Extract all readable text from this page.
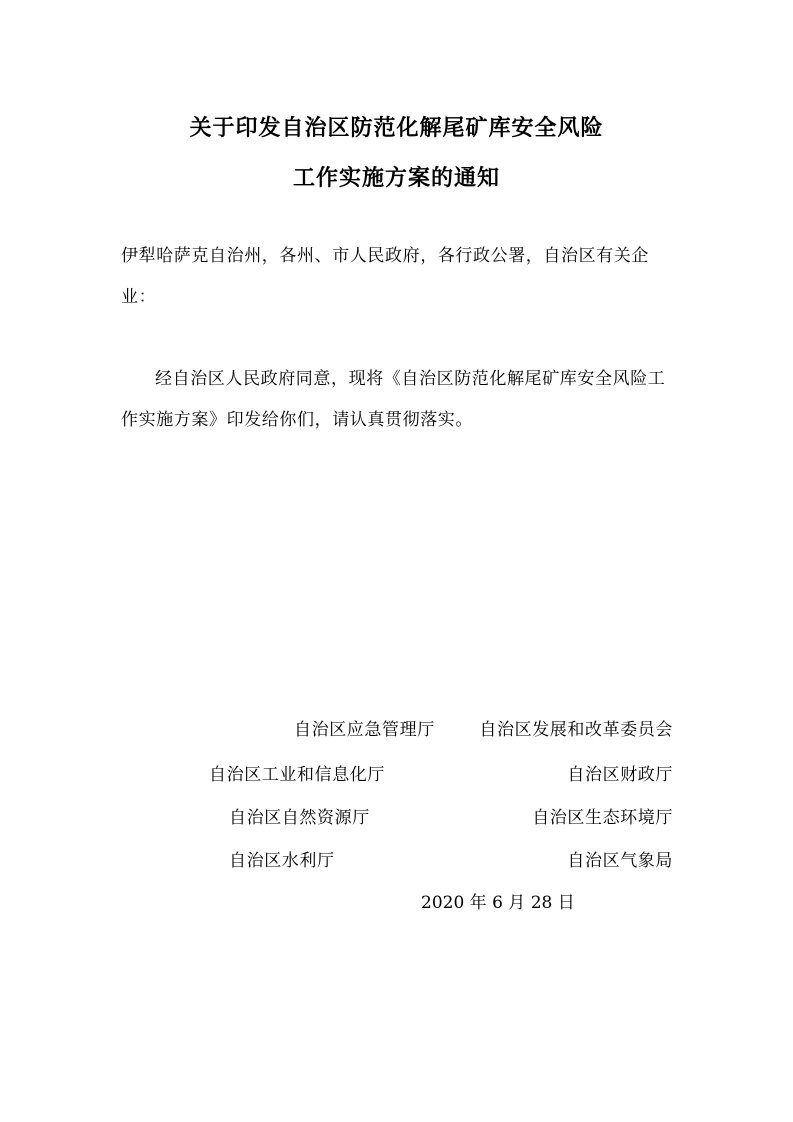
关于印发自治区防范化解尾矿库安全风险
工作实施方案的通知
伊犁哈萨克自治州，各州、市人民政府，各行政公署，自治区有关企业：
经自治区人民政府同意，现将《自治区防范化解尾矿库安全风险工作实施方案》印发给你们，请认真贯彻落实。
自治区应急管理厅	自治区发展和改革委员会
自治区工业和信息化厅	自治区财政厅
自治区自然资源厅	自治区生态环境厅
自治区水利厅	自治区气象局
2020 年 6 月 28 日
